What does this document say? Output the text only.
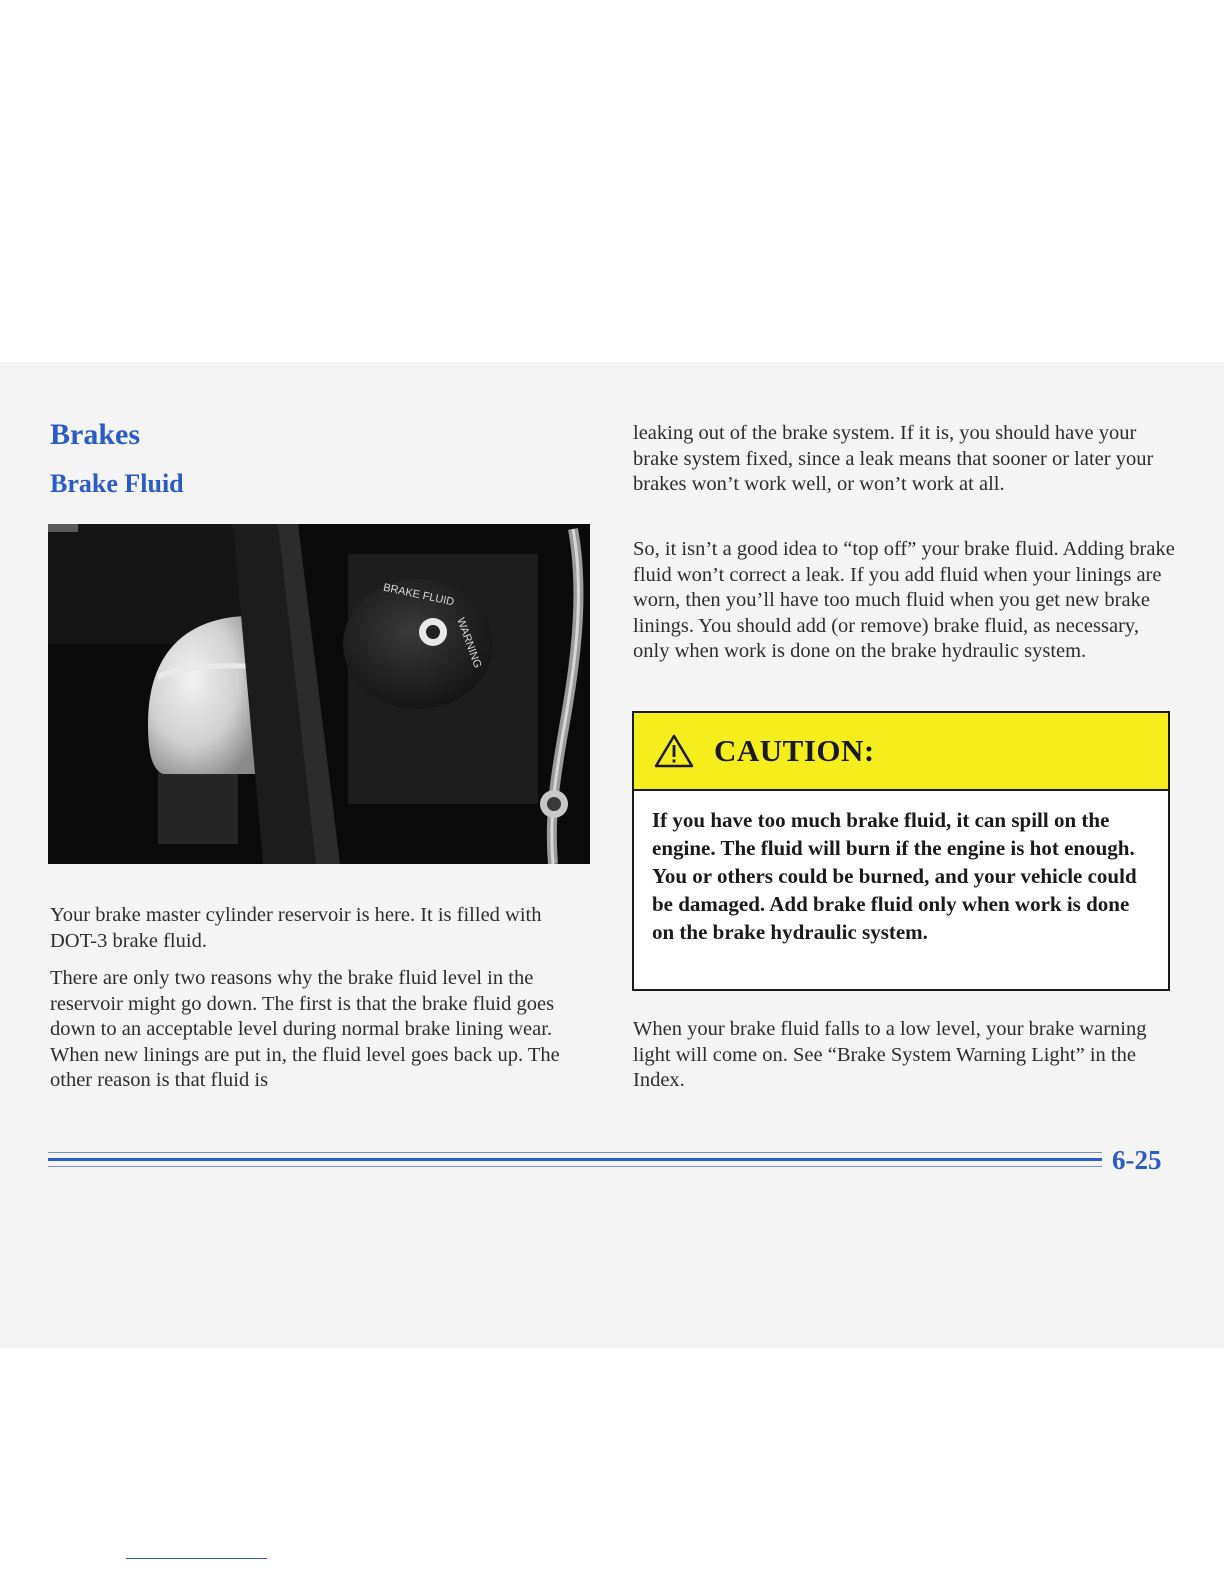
Brakes
Brake Fluid
BRAKE FLUID
WARNING

Your brake master cylinder reservoir is here. It is filled with DOT-3 brake fluid.

There are only two reasons why the brake fluid level in the reservoir might go down. The first is that the brake fluid goes down to an acceptable level during normal brake lining wear. When new linings are put in, the fluid level goes back up. The other reason is that fluid is

leaking out of the brake system. If it is, you should have your brake system fixed, since a leak means that sooner or later your brakes won’t work well, or won’t work at all.

So, it isn’t a good idea to “top off” your brake fluid. Adding brake fluid won’t correct a leak. If you add fluid when your linings are worn, then you’ll have too much fluid when you get new brake linings. You should add (or remove) brake fluid, as necessary, only when work is done on the brake hydraulic system.

CAUTION:

If you have too much brake fluid, it can spill on the engine. The fluid will burn if the engine is hot enough. You or others could be burned, and your vehicle could be damaged. Add brake fluid only when work is done on the brake hydraulic system.

When your brake fluid falls to a low level, your brake warning light will come on. See “Brake System Warning Light” in the Index.

6-25
